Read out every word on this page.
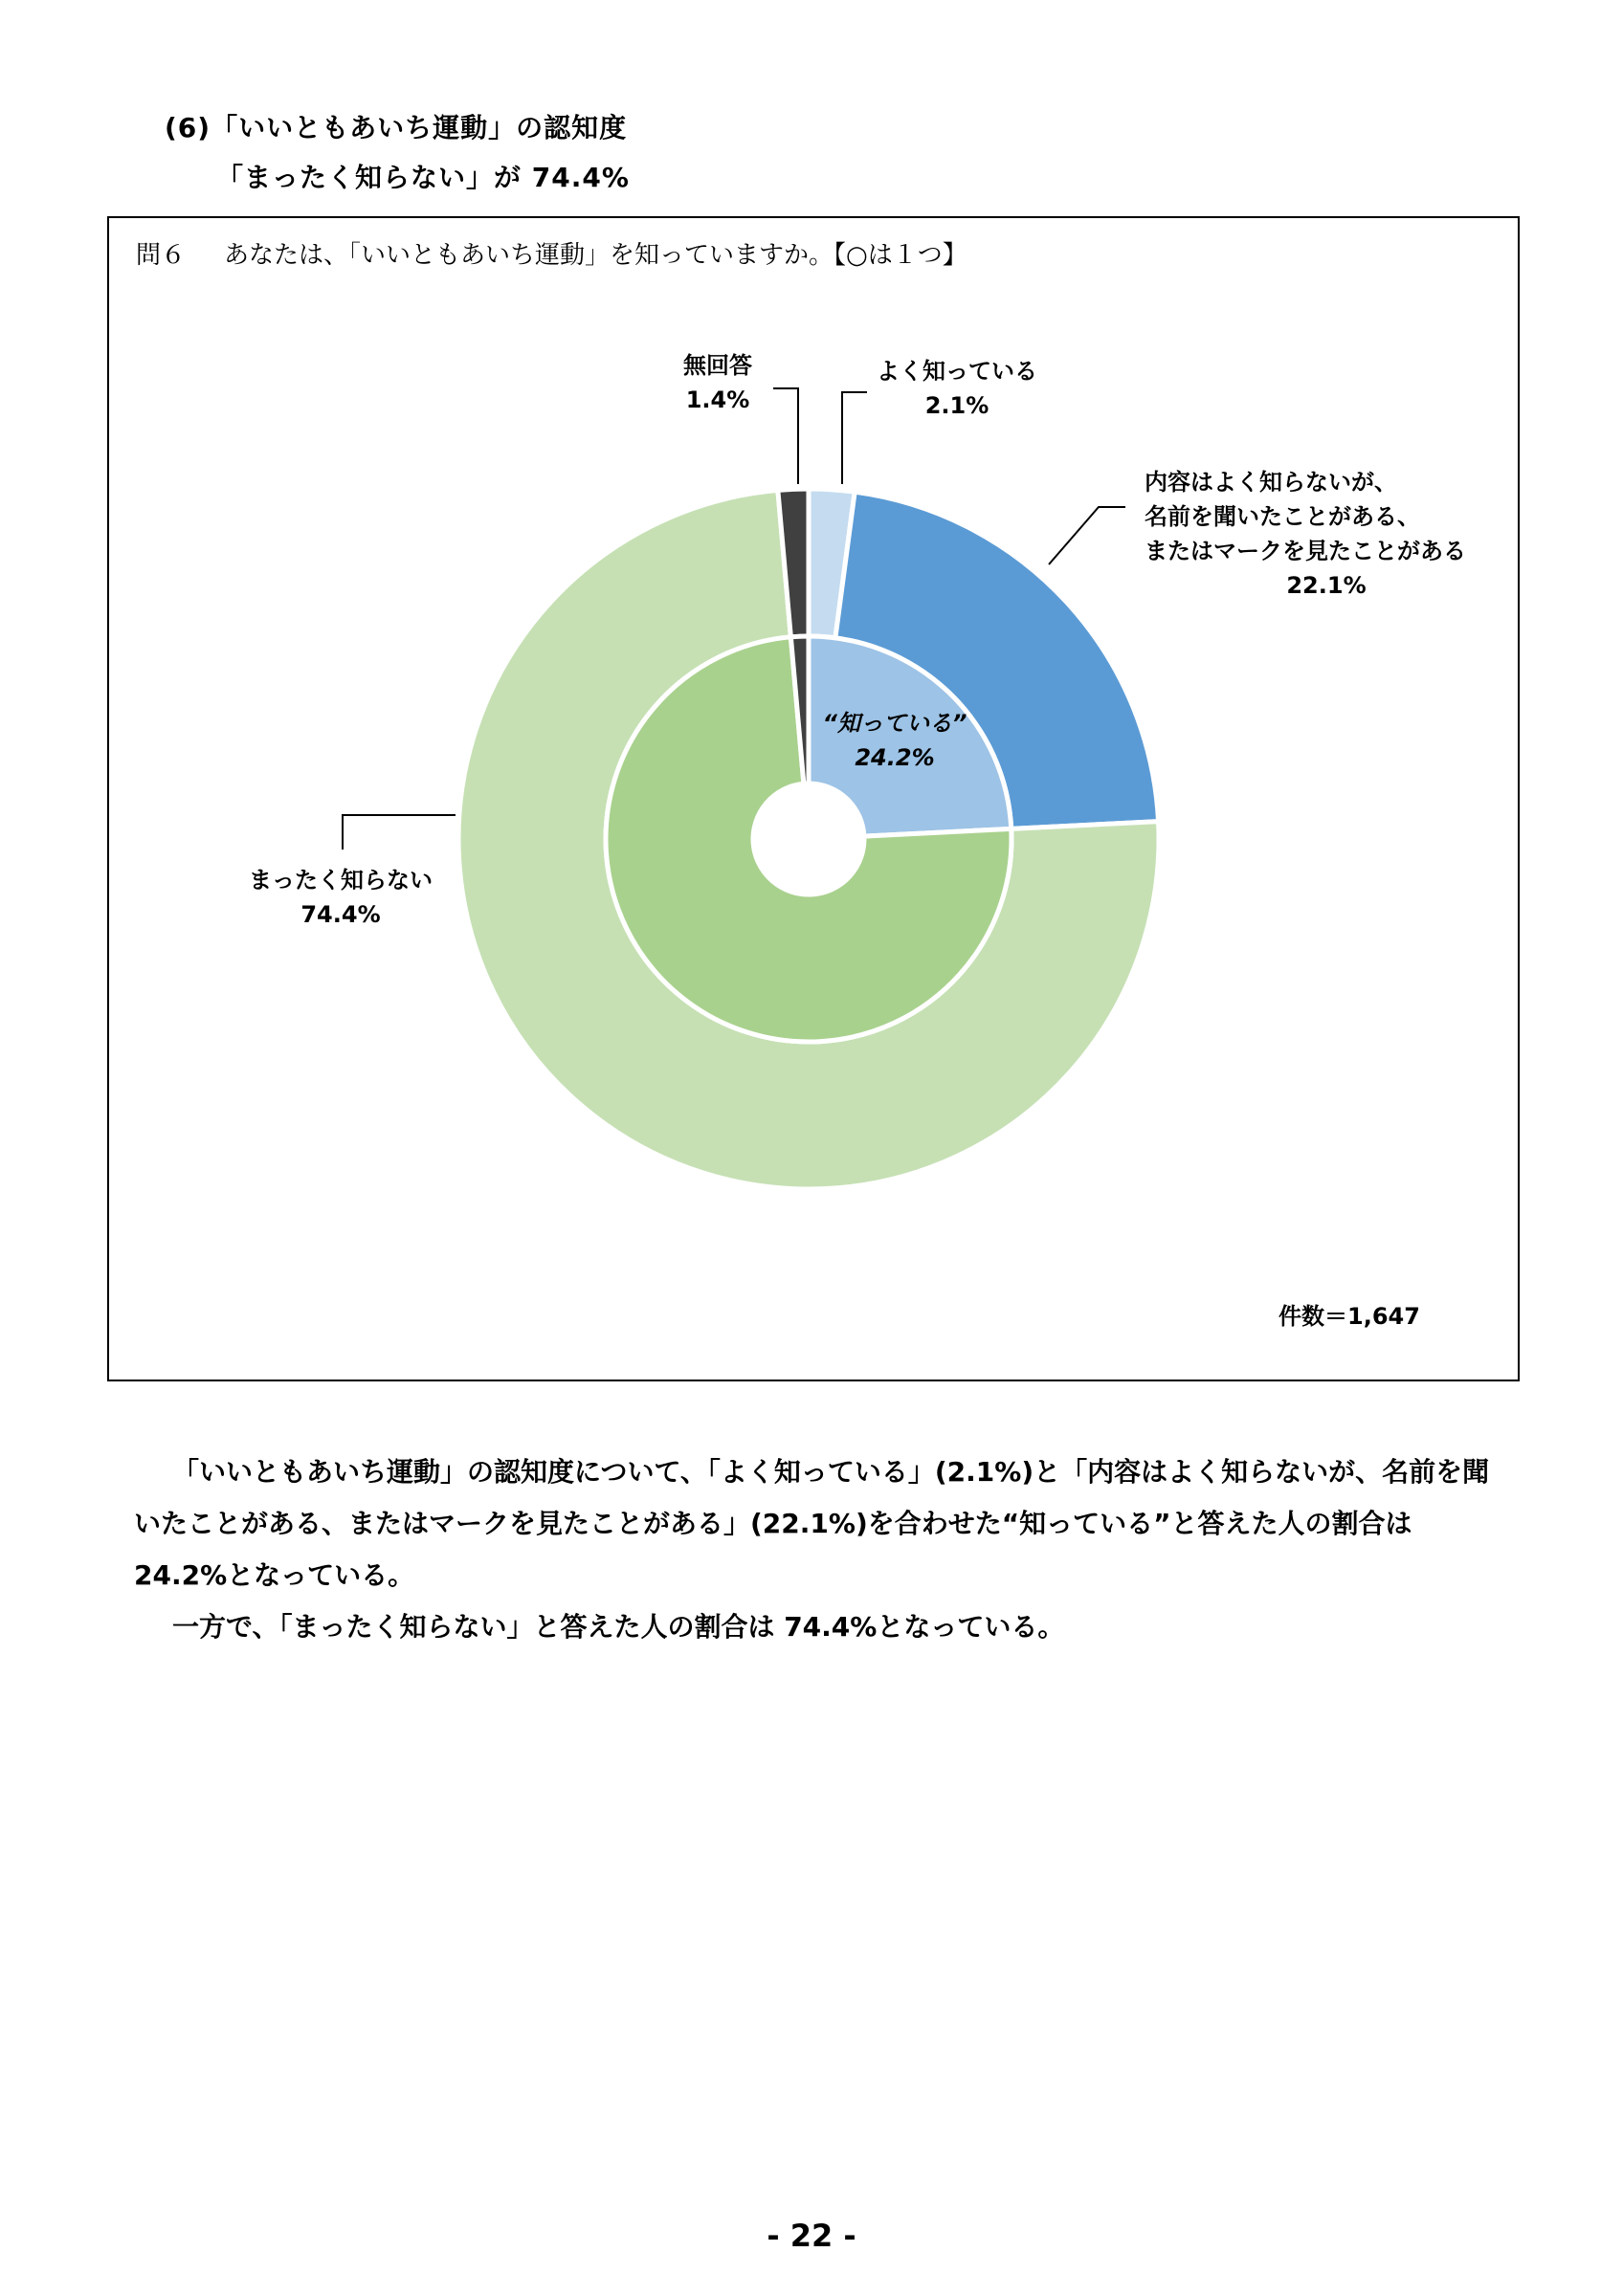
(6)「いいともあいち運動」の認知度
「まったく知らない」が 74.4%
問６ あなたは、「いいともあいち運動」を知っていますか。【○は１つ】
無回答
1.4%
よく知っている
2.1%
内容はよく知らないが、
名前を聞いたことがある、
またはマークを見たことがある
22.1%
まったく知らない
74.4%
“知っている”
24.2%
件数＝1,647

「いいともあいち運動」の認知度について、「よく知っている」(2.1%)と「内容はよく知らないが、名前を聞いたことがある、またはマークを見たことがある」(22.1%)を合わせた“知っている”と答えた人の割合は 24.2%となっている。

一方で、「まったく知らない」と答えた人の割合は 74.4%となっている。

- 22 -
